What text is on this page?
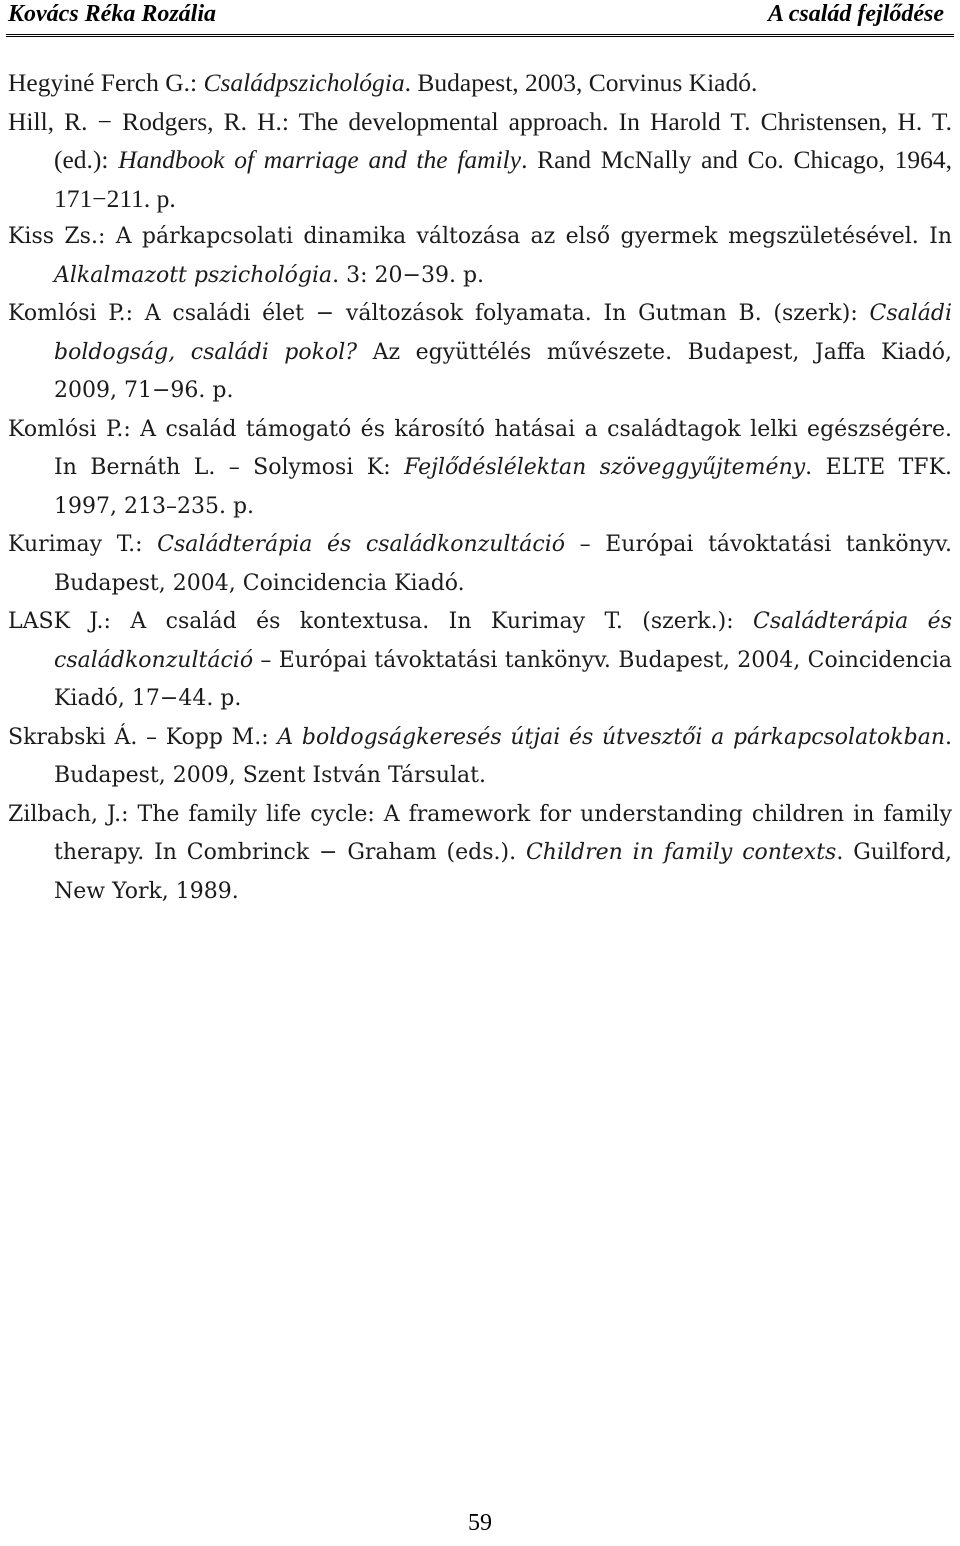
Kovács Réka Rozália	A család fejlődése

Hegyiné Ferch G.: Családpszichológia. Budapest, 2003, Corvinus Kiadó.

Hill, R. − Rodgers, R. H.: The developmental approach. In Harold T. Christensen, H. T. (ed.): Handbook of marriage and the family. Rand McNally and Co. Chicago, 1964, 171−211. p.

Kiss Zs.: A párkapcsolati dinamika változása az első gyermek megszületésével. In Alkalmazott pszichológia. 3: 20−39. p.

Komlósi P.: A családi élet − változások folyamata. In Gutman B. (szerk): Családi boldogság, családi pokol? Az együttélés művészete. Budapest, Jaffa Kiadó, 2009, 71−96. p.

Komlósi P.: A család támogató és károsító hatásai a családtagok lelki egészségére. In Bernáth L. – Solymosi K: Fejlődéslélektan szöveggyűjtemény. ELTE TFK. 1997, 213–235. p.

Kurimay T.: Családterápia és családkonzultáció – Európai távoktatási tankönyv. Budapest, 2004, Coincidencia Kiadó.

LASK J.: A család és kontextusa. In Kurimay T. (szerk.): Családterápia és családkonzultáció – Európai távoktatási tankönyv. Budapest, 2004, Coincidencia Kiadó, 17−44. p.

Skrabski Á. – Kopp M.: A boldogságkeresés útjai és útvesztői a párkapcsolatokban. Budapest, 2009, Szent István Társulat.

Zilbach, J.: The family life cycle: A framework for understanding children in family therapy. In Combrinck − Graham (eds.). Children in family contexts. Guilford, New York, 1989.

59
